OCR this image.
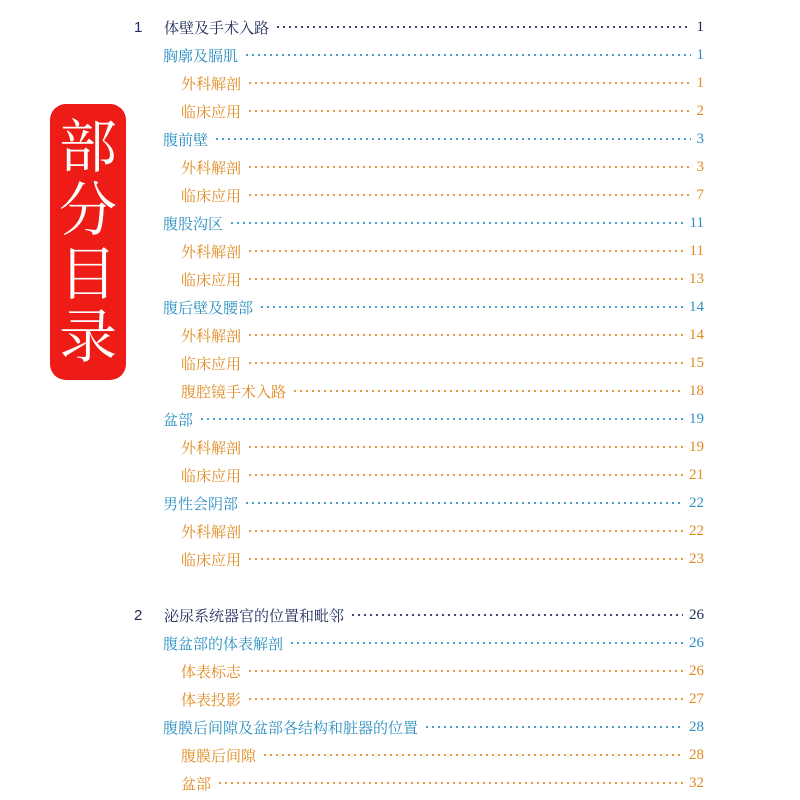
部
分
目
录
1	体壁及手术入路	1
胸廓及膈肌	1
外科解剖	1
临床应用	2
腹前壁	3
外科解剖	3
临床应用	7
腹股沟区	11
外科解剖	11
临床应用	13
腹后壁及腰部	14
外科解剖	14
临床应用	15
腹腔镜手术入路	18
盆部	19
外科解剖	19
临床应用	21
男性会阴部	22
外科解剖	22
临床应用	23
2	泌尿系统器官的位置和毗邻	26
腹盆部的体表解剖	26
体表标志	26
体表投影	27
腹膜后间隙及盆部各结构和脏器的位置	28
腹膜后间隙	28
盆部	32
